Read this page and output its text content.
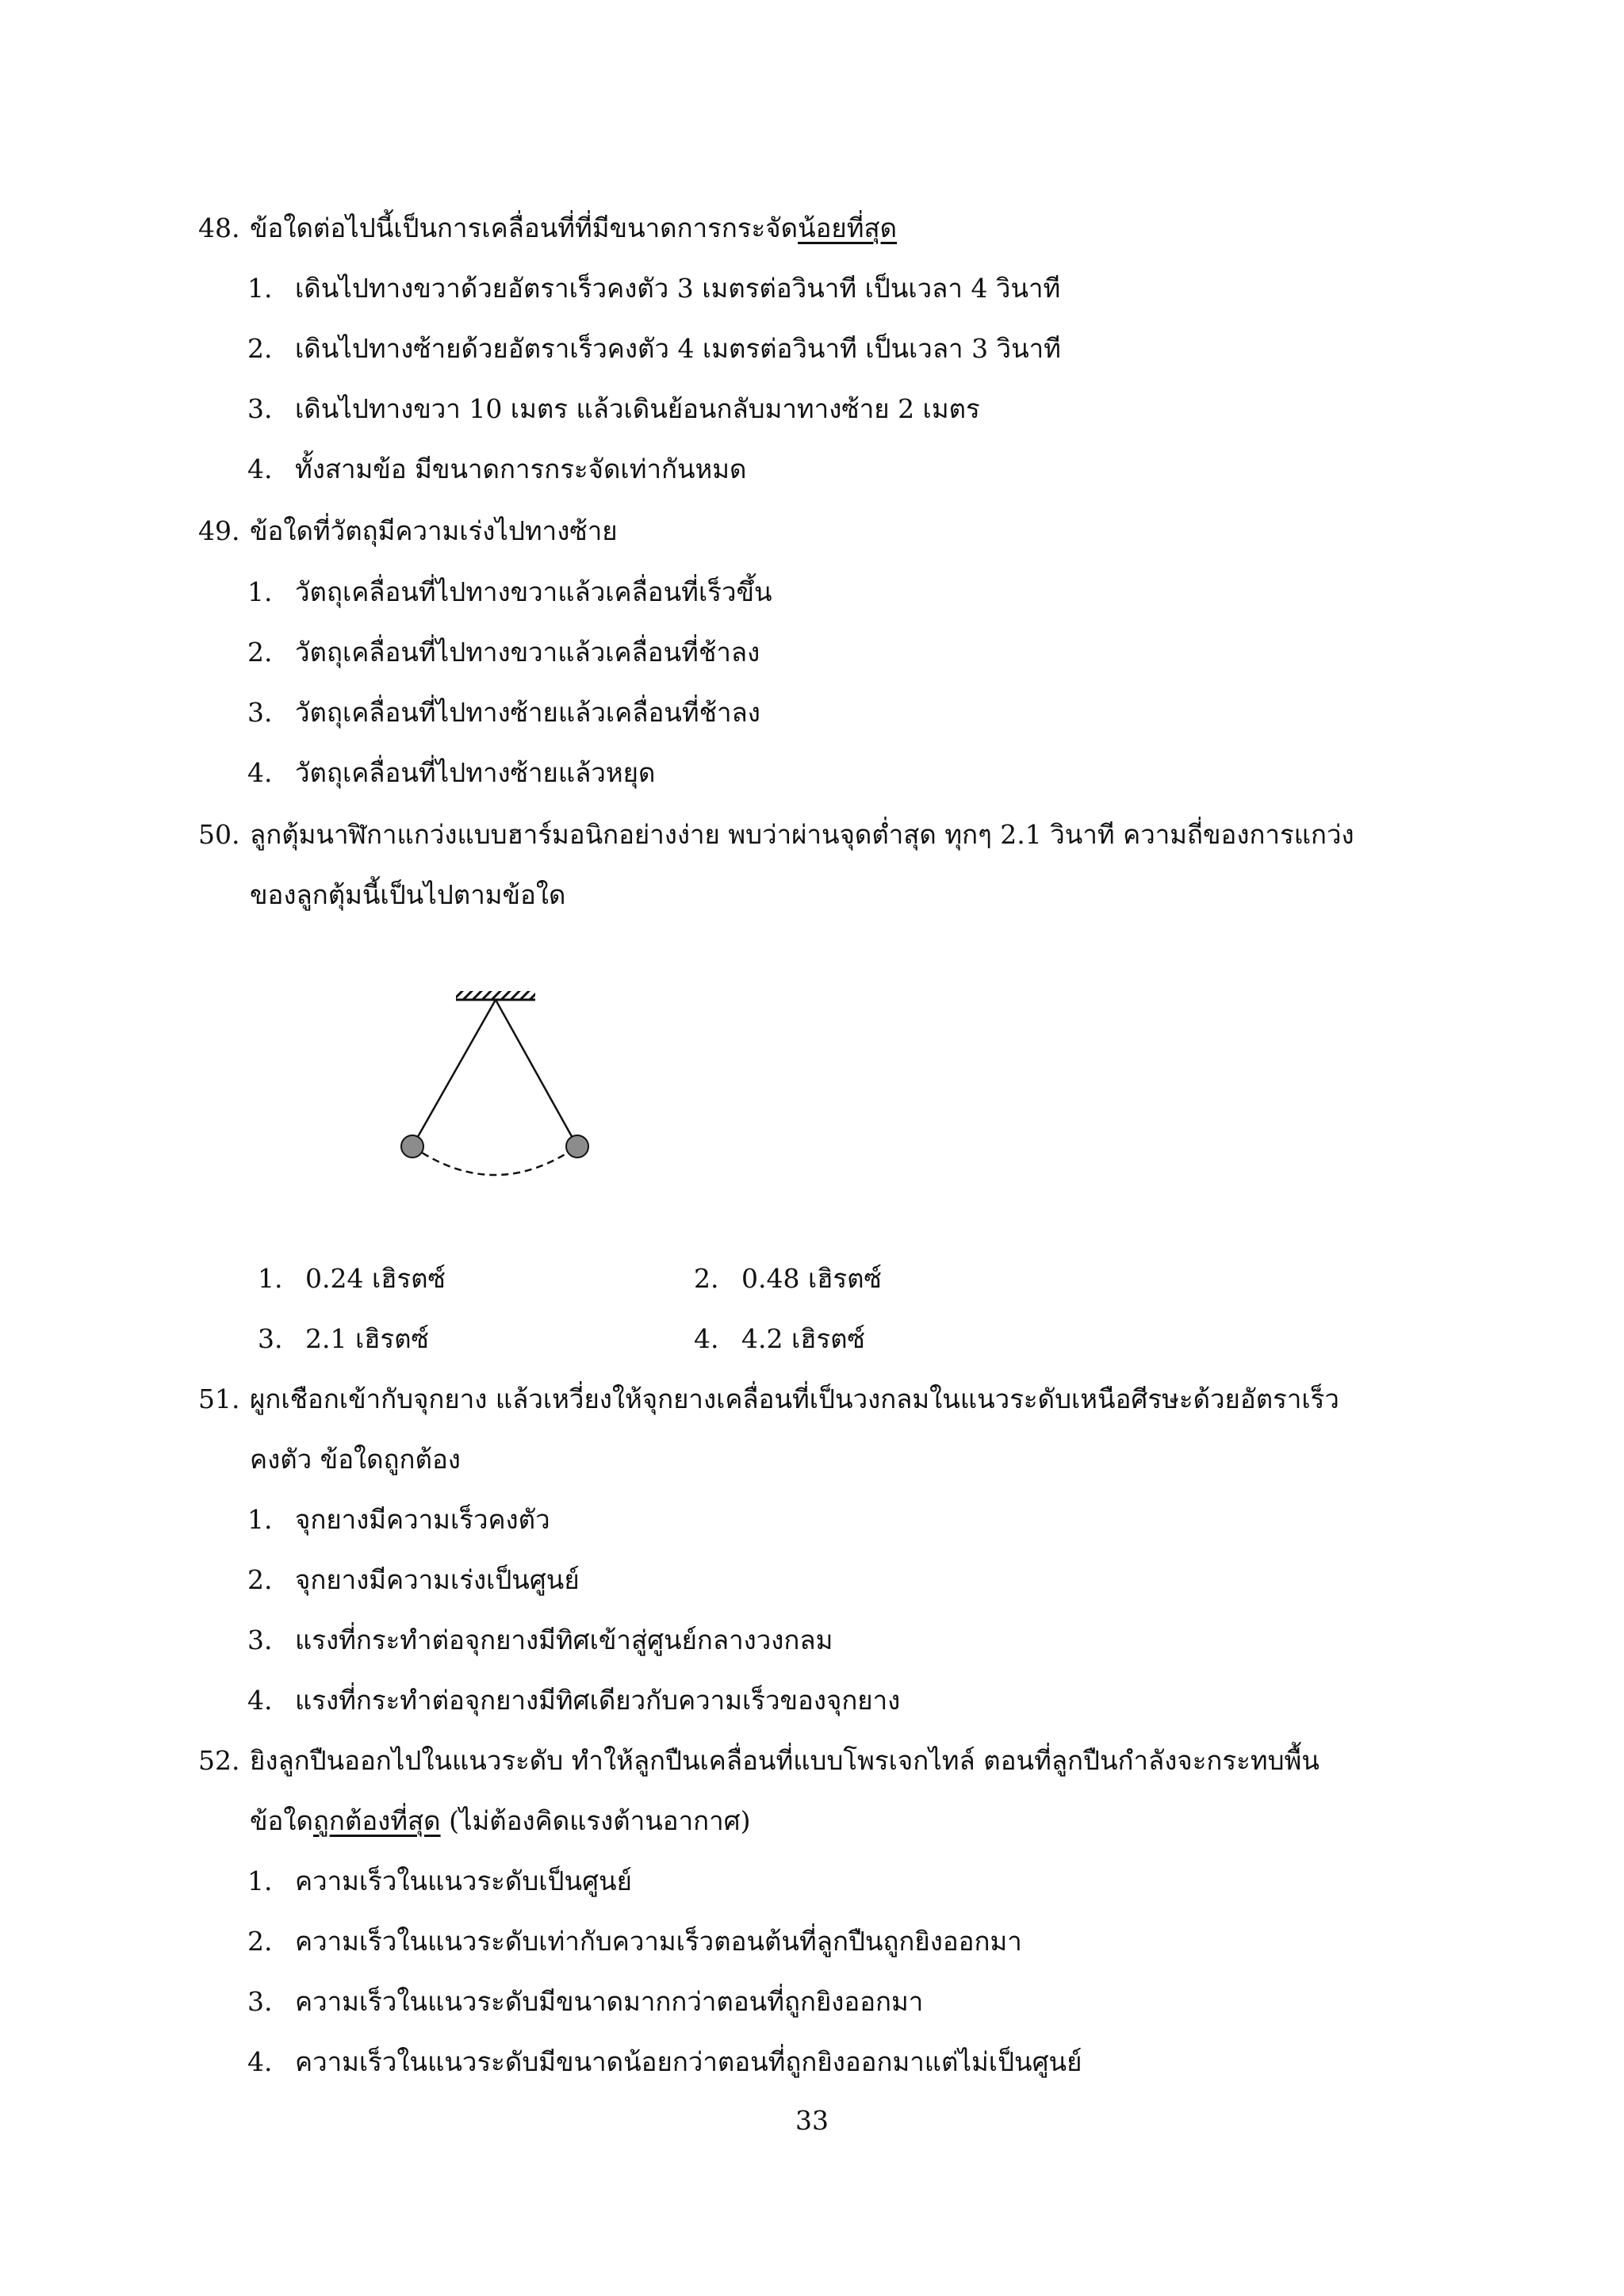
48. ข้อใดต่อไปนี้เป็นการเคลื่อนที่ที่มีขนาดการกระจัดน้อยที่สุด
1. เดินไปทางขวาด้วยอัตราเร็วคงตัว 3 เมตรต่อวินาที เป็นเวลา 4 วินาที
2. เดินไปทางซ้ายด้วยอัตราเร็วคงตัว 4 เมตรต่อวินาที เป็นเวลา 3 วินาที
3. เดินไปทางขวา 10 เมตร แล้วเดินย้อนกลับมาทางซ้าย 2 เมตร
4. ทั้งสามข้อ มีขนาดการกระจัดเท่ากันหมด
49. ข้อใดที่วัตถุมีความเร่งไปทางซ้าย
1. วัตถุเคลื่อนที่ไปทางขวาแล้วเคลื่อนที่เร็วขึ้น
2. วัตถุเคลื่อนที่ไปทางขวาแล้วเคลื่อนที่ช้าลง
3. วัตถุเคลื่อนที่ไปทางซ้ายแล้วเคลื่อนที่ช้าลง
4. วัตถุเคลื่อนที่ไปทางซ้ายแล้วหยุด
50. ลูกตุ้มนาฬิกาแกว่งแบบฮาร์มอนิกอย่างง่าย พบว่าผ่านจุดต่ำสุด ทุกๆ 2.1 วินาที ความถี่ของการแกว่ง
ของลูกตุ้มนี้เป็นไปตามข้อใด
1. 0.24 เฮิรตซ์	2. 0.48 เฮิรตซ์
3. 2.1 เฮิรตซ์	4. 4.2 เฮิรตซ์
51. ผูกเชือกเข้ากับจุกยาง แล้วเหวี่ยงให้จุกยางเคลื่อนที่เป็นวงกลมในแนวระดับเหนือศีรษะด้วยอัตราเร็ว
คงตัว ข้อใดถูกต้อง
1. จุกยางมีความเร็วคงตัว
2. จุกยางมีความเร่งเป็นศูนย์
3. แรงที่กระทำต่อจุกยางมีทิศเข้าสู่ศูนย์กลางวงกลม
4. แรงที่กระทำต่อจุกยางมีทิศเดียวกับความเร็วของจุกยาง
52. ยิงลูกปืนออกไปในแนวระดับ ทำให้ลูกปืนเคลื่อนที่แบบโพรเจกไทล์ ตอนที่ลูกปืนกำลังจะกระทบพื้น
ข้อใดถูกต้องที่สุด (ไม่ต้องคิดแรงต้านอากาศ)
1. ความเร็วในแนวระดับเป็นศูนย์
2. ความเร็วในแนวระดับเท่ากับความเร็วตอนต้นที่ลูกปืนถูกยิงออกมา
3. ความเร็วในแนวระดับมีขนาดมากกว่าตอนที่ถูกยิงออกมา
4. ความเร็วในแนวระดับมีขนาดน้อยกว่าตอนที่ถูกยิงออกมาแต่ไม่เป็นศูนย์
33
